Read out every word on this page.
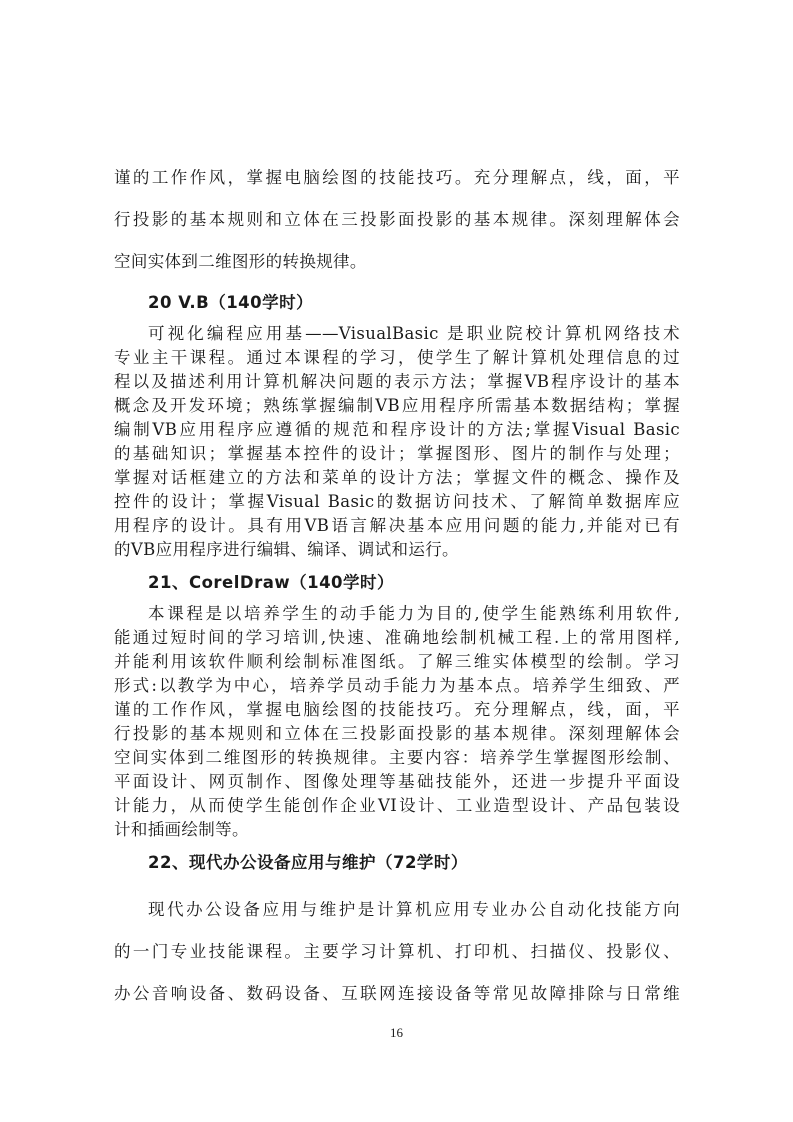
谨的工作作风，掌握电脑绘图的技能技巧。充分理解点，线，面，平
行投影的基本规则和立体在三投影面投影的基本规律。深刻理解体会
空间实体到二维图形的转换规律。
20 V.B（140学时）
可视化编程应用基——VisualBasic 是职业院校计算机网络技术
专业主干课程。通过本课程的学习，使学生了解计算机处理信息的过
程以及描述利用计算机解决问题的表示方法；掌握VB程序设计的基本
概念及开发环境；熟练掌握编制VB应用程序所需基本数据结构；掌握
编制VB应用程序应遵循的规范和程序设计的方法;掌握Visual Basic
的基础知识；掌握基本控件的设计；掌握图形、图片的制作与处理；
掌握对话框建立的方法和菜单的设计方法；掌握文件的概念、操作及
控件的设计；掌握Visual Basic的数据访问技术、了解简单数据库应
用程序的设计。具有用VB语言解决基本应用问题的能力,并能对已有
的VB应用程序进行编辑、编译、调试和运行。
21、CorelDraw（140学时）
本课程是以培养学生的动手能力为目的,使学生能熟练利用软件,
能通过短时间的学习培训,快速、准确地绘制机械工程.上的常用图样,
并能利用该软件顺利绘制标准图纸。了解三维实体模型的绘制。学习
形式:以教学为中心，培养学员动手能力为基本点。培养学生细致、严
谨的工作作风，掌握电脑绘图的技能技巧。充分理解点，线，面，平
行投影的基本规则和立体在三投影面投影的基本规律。深刻理解体会
空间实体到二维图形的转换规律。主要内容：培养学生掌握图形绘制、
平面设计、网页制作、图像处理等基础技能外，还进一步提升平面设
计能力，从而使学生能创作企业VI设计、工业造型设计、产品包装设
计和插画绘制等。
22、现代办公设备应用与维护（72学时）
现代办公设备应用与维护是计算机应用专业办公自动化技能方向
的一门专业技能课程。主要学习计算机、打印机、扫描仪、投影仪、
办公音响设备、数码设备、互联网连接设备等常见故障排除与日常维
16
